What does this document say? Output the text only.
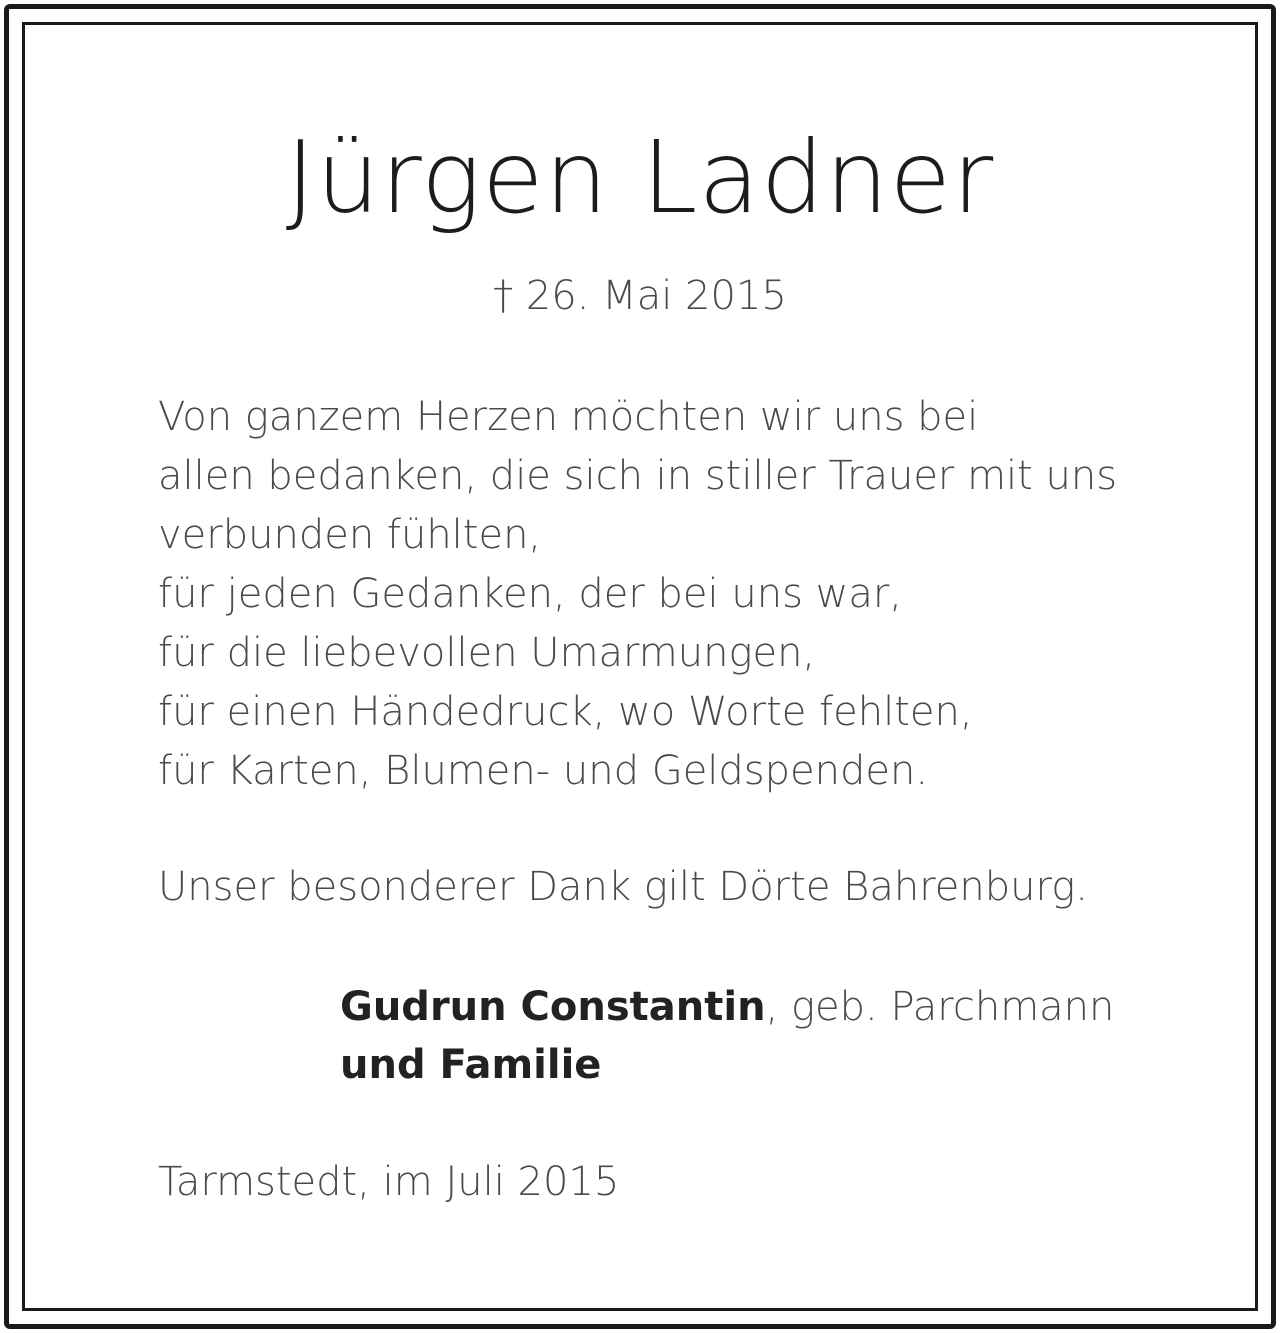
Jürgen Ladner
† 26. Mai 2015
Von ganzem Herzen möchten wir uns bei
allen bedanken, die sich in stiller Trauer mit uns
verbunden fühlten,
für jeden Gedanken, der bei uns war,
für die liebevollen Umarmungen,
für einen Händedruck, wo Worte fehlten,
für Karten, Blumen- und Geldspenden.
Unser besonderer Dank gilt Dörte Bahrenburg.
Gudrun Constantin, geb. Parchmann
und Familie
Tarmstedt, im Juli 2015
